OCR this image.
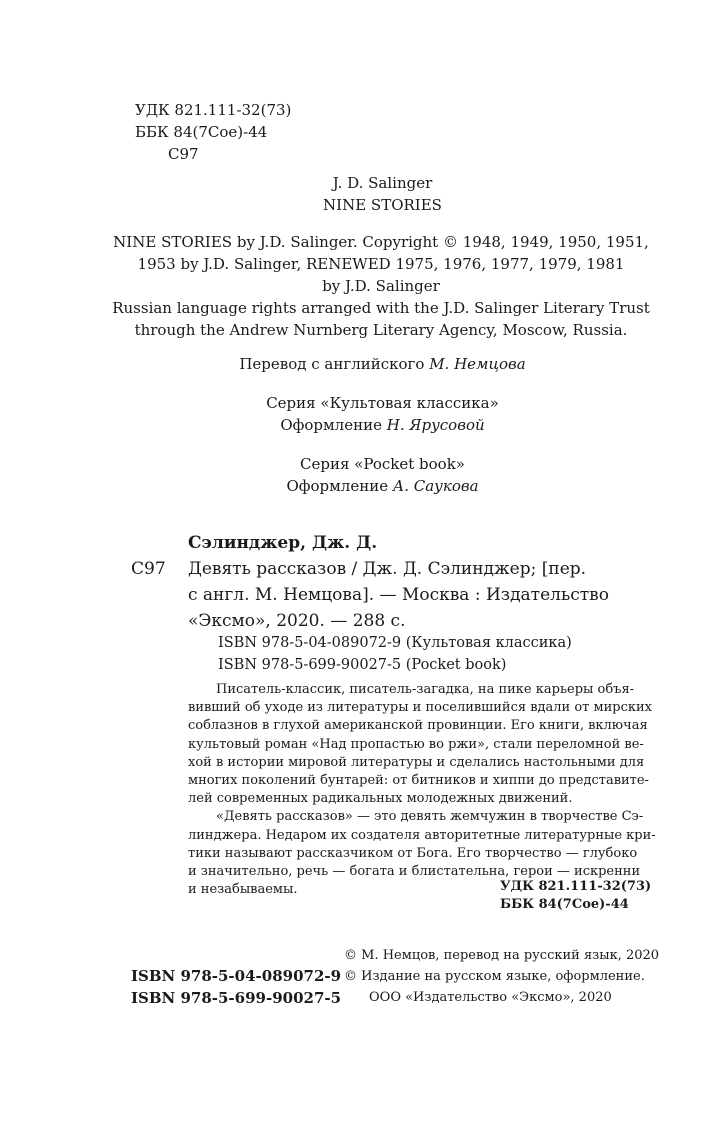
УДК 821.111-32(73)
ББК 84(7Сое)-44
С97
J. D. Salinger
NINE STORIES
NINE STORIES by J.D. Salinger. Copyright © 1948, 1949, 1950, 1951,
1953 by J.D. Salinger, RENEWED 1975, 1976, 1977, 1979, 1981
by J.D. Salinger
Russian language rights arranged with the J.D. Salinger Literary Trust
through the Andrew Nurnberg Literary Agency, Moscow, Russia.
Перевод с английского М. Немцова
Серия «Культовая классика»
Оформление Н. Ярусовой
Серия «Pocket book»
Оформление А. Саукова
Сэлинджер, Дж. Д.
С97 Девять рассказов / Дж. Д. Сэлинджер; [пер.
с англ. М. Немцова]. — Москва : Издательство
«Эксмо», 2020. — 288 с.
ISBN 978-5-04-089072-9 (Культовая классика)
ISBN 978-5-699-90027-5 (Pocket book)
Писатель-классик, писатель-загадка, на пике карьеры объя-
вивший об уходе из литературы и поселившийся вдали от мирских
соблазнов в глухой американской провинции. Его книги, включая
культовый роман «Над пропастью во ржи», стали переломной ве-
хой в истории мировой литературы и сделались настольными для
многих поколений бунтарей: от битников и хиппи до представите-
лей современных радикальных молодежных движений.
«Девять рассказов» — это девять жемчужин в творчестве Сэ-
линджера. Недаром их создателя авторитетные литературные кри-
тики называют рассказчиком от Бога. Его творчество — глубоко
и значительно, речь — богата и блистательна, герои — искренни
и незабываемы.	УДК 821.111-32(73)
ББК 84(7Сое)-44
ISBN 978-5-04-089072-9
ISBN 978-5-699-90027-5
© М. Немцов, перевод на русский язык, 2020
© Издание на русском языке, оформление.
ООО «Издательство «Эксмо», 2020
